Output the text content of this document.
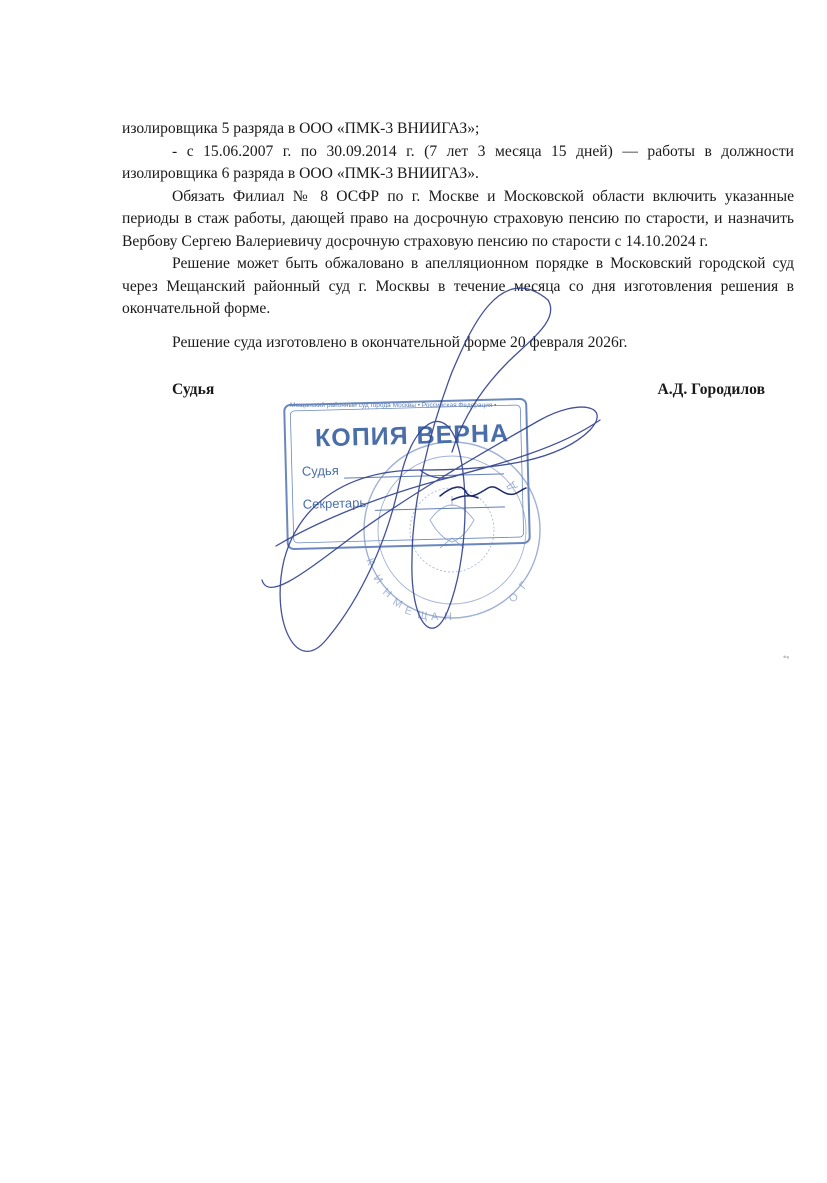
изолировщика 5 разряда в ООО «ПМК-3 ВНИИГАЗ»;

- с 15.06.2007 г. по 30.09.2014 г. (7 лет 3 месяца 15 дней) — работы в должности изолировщика 6 разряда в ООО «ПМК-3 ВНИИГАЗ».

Обязать Филиал № 8 ОСФР по г. Москве и Московской области включить указанные периоды в стаж работы, дающей право на досрочную страховую пенсию по старости, и назначить Вербову Сергею Валериевичу досрочную страховую пенсию по старости с 14.10.2024 г.

Решение может быть обжаловано в апелляционном порядке в Московский городской суд через Мещанский районный суд г. Москвы в течение месяца со дня изготовления решения в окончательной форме.

Решение суда изготовлено в окончательной форме 20 февраля 2026г.

Судья	А.Д. Городилов
М
Е Щ А Н
Н
И
К
О
Г
Д
Мещанский районный суд города Москвы • Российская Федерация •
КОПИЯ ВЕРНА
Судья
Секретарь
••
